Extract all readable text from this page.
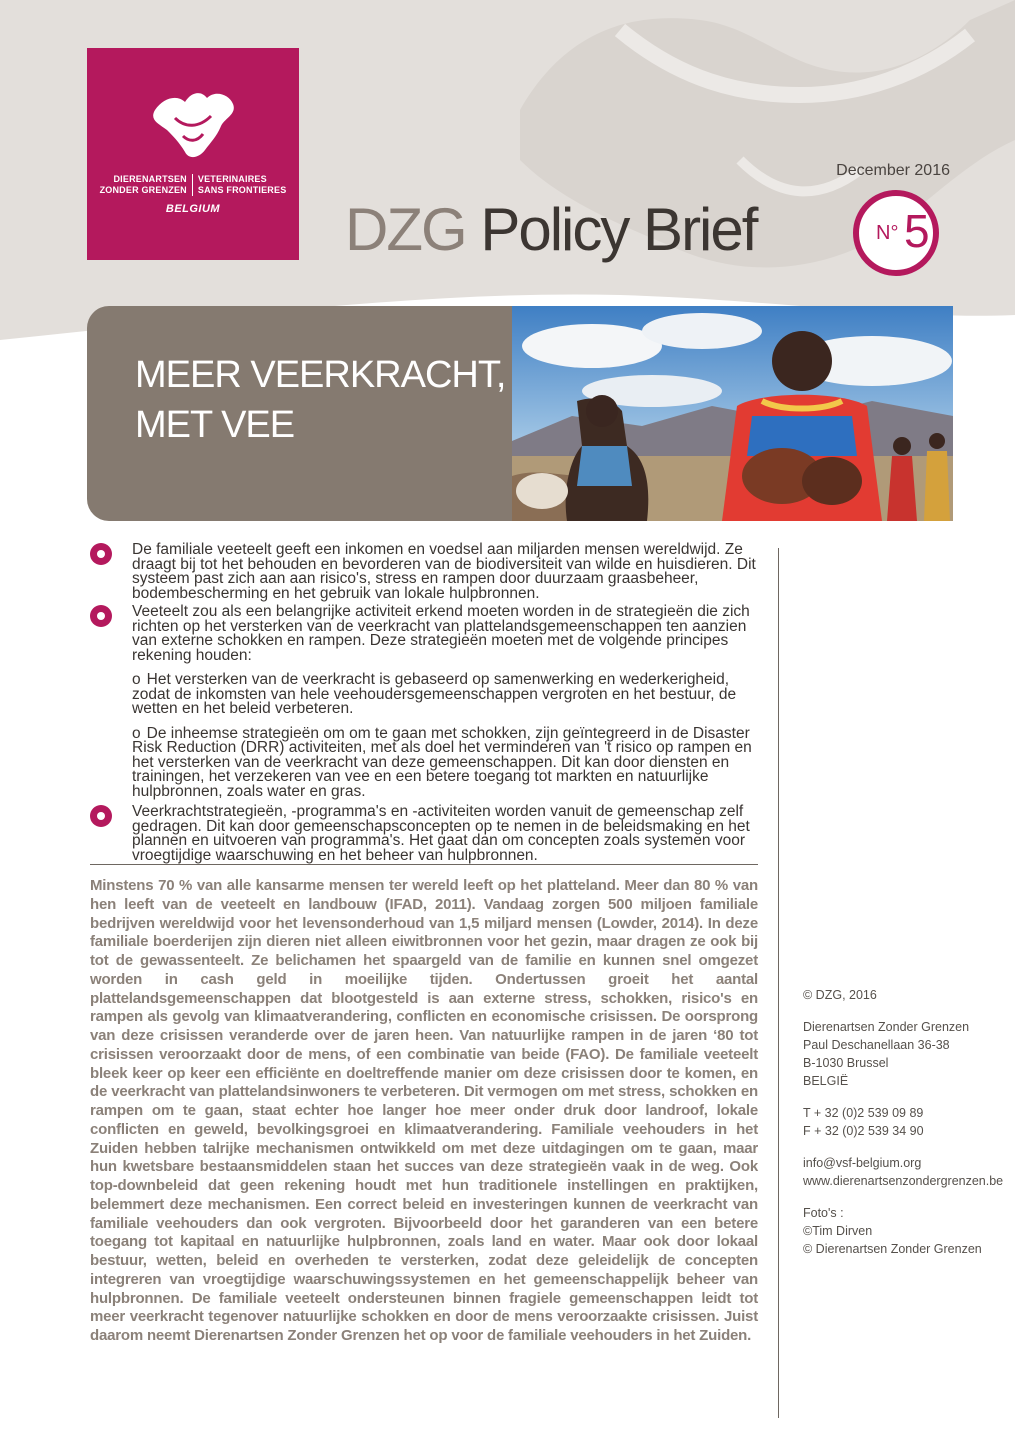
DIERENARTSEN
ZONDER GRENZEN
VETERINAIRES
SANS FRONTIERES
BELGIUM
December 2016
DZG Policy Brief	N° 5
MEER VEERKRACHT,
MET VEE
De familiale veeteelt geeft een inkomen en voedsel aan miljarden mensen wereldwijd. Ze draagt bij tot het behouden en bevorderen van de biodiversiteit van wilde en huisdieren. Dit systeem past zich aan aan risico's, stress en rampen door duurzaam graasbeheer, bodembescherming en het gebruik van lokale hulpbronnen.
Veeteelt zou als een belangrijke activiteit erkend moeten worden in de strategieën die zich richten op het versterken van de veerkracht van plattelandsgemeenschappen ten aanzien van externe schokken en rampen. Deze strategieën moeten met de volgende principes rekening houden:
o Het versterken van de veerkracht is gebaseerd op samenwerking en wederkerigheid, zodat de inkomsten van hele veehoudersgemeenschappen vergroten en het bestuur, de wetten en het beleid verbeteren.
o De inheemse strategieën om om te gaan met schokken, zijn geïntegreerd in de Disaster Risk Reduction (DRR) activiteiten, met als doel het verminderen van 't risico op rampen en het versterken van de veerkracht van deze gemeenschappen. Dit kan door diensten en trainingen, het verzekeren van vee en een betere toegang tot markten en natuurlijke hulpbronnen, zoals water en gras.
Veerkrachtstrategieën, -programma's en -activiteiten worden vanuit de gemeenschap zelf gedragen. Dit kan door gemeenschapsconcepten op te nemen in de beleidsmaking en het plannen en uitvoeren van programma's. Het gaat dan om concepten zoals systemen voor vroegtijdige waarschuwing en het beheer van hulpbronnen.

Minstens 70 % van alle kansarme mensen ter wereld leeft op het platteland. Meer dan 80 % van hen leeft van de veeteelt en landbouw (IFAD, 2011). Vandaag zorgen 500 miljoen familiale bedrijven wereldwijd voor het levensonderhoud van 1,5 miljard mensen (Lowder, 2014). In deze familiale boerderijen zijn dieren niet alleen eiwitbronnen voor het gezin, maar dragen ze ook bij tot de gewassenteelt. Ze belichamen het spaargeld van de familie en kunnen snel omgezet worden in cash geld in moeilijke tijden. Ondertussen groeit het aantal plattelandsgemeenschappen dat blootgesteld is aan externe stress, schokken, risico's en rampen als gevolg van klimaatverandering, conflicten en economische crisissen. De oorsprong van deze crisissen veranderde over de jaren heen. Van natuurlijke rampen in de jaren ‘80 tot crisissen veroorzaakt door de mens, of een combinatie van beide (FAO). De familiale veeteelt bleek keer op keer een efficiënte en doeltreffende manier om deze crisissen door te komen, en de veerkracht van plattelandsinwoners te verbeteren. Dit vermogen om met stress, schokken en rampen om te gaan, staat echter hoe langer hoe meer onder druk door landroof, lokale conflicten en geweld, bevolkingsgroei en klimaatverandering. Familiale veehouders in het Zuiden hebben talrijke mechanismen ontwikkeld om met deze uitdagingen om te gaan, maar hun kwetsbare bestaansmiddelen staan het succes van deze strategieën vaak in de weg. Ook top-downbeleid dat geen rekening houdt met hun traditionele instellingen en praktijken, belemmert deze mechanismen. Een correct beleid en investeringen kunnen de veerkracht van familiale veehouders dan ook vergroten. Bijvoorbeeld door het garanderen van een betere toegang tot kapitaal en natuurlijke hulpbronnen, zoals land en water. Maar ook door lokaal bestuur, wetten, beleid en overheden te versterken, zodat deze geleidelijk de concepten integreren van vroegtijdige waarschuwingssystemen en het gemeenschappelijk beheer van hulpbronnen. De familiale veeteelt ondersteunen binnen fragiele gemeenschappen leidt tot meer veerkracht tegenover natuurlijke schokken en door de mens veroorzaakte crisissen. Juist daarom neemt Dierenartsen Zonder Grenzen het op voor de familiale veehouders in het Zuiden.

© DZG, 2016
Dierenartsen Zonder Grenzen
Paul Deschanellaan 36-38
B-1030 Brussel
BELGIË
T + 32 (0)2 539 09 89
F + 32 (0)2 539 34 90
info@vsf-belgium.org
www.dierenartsenzondergrenzen.be
Foto's :
©Tim Dirven
© Dierenartsen Zonder Grenzen
